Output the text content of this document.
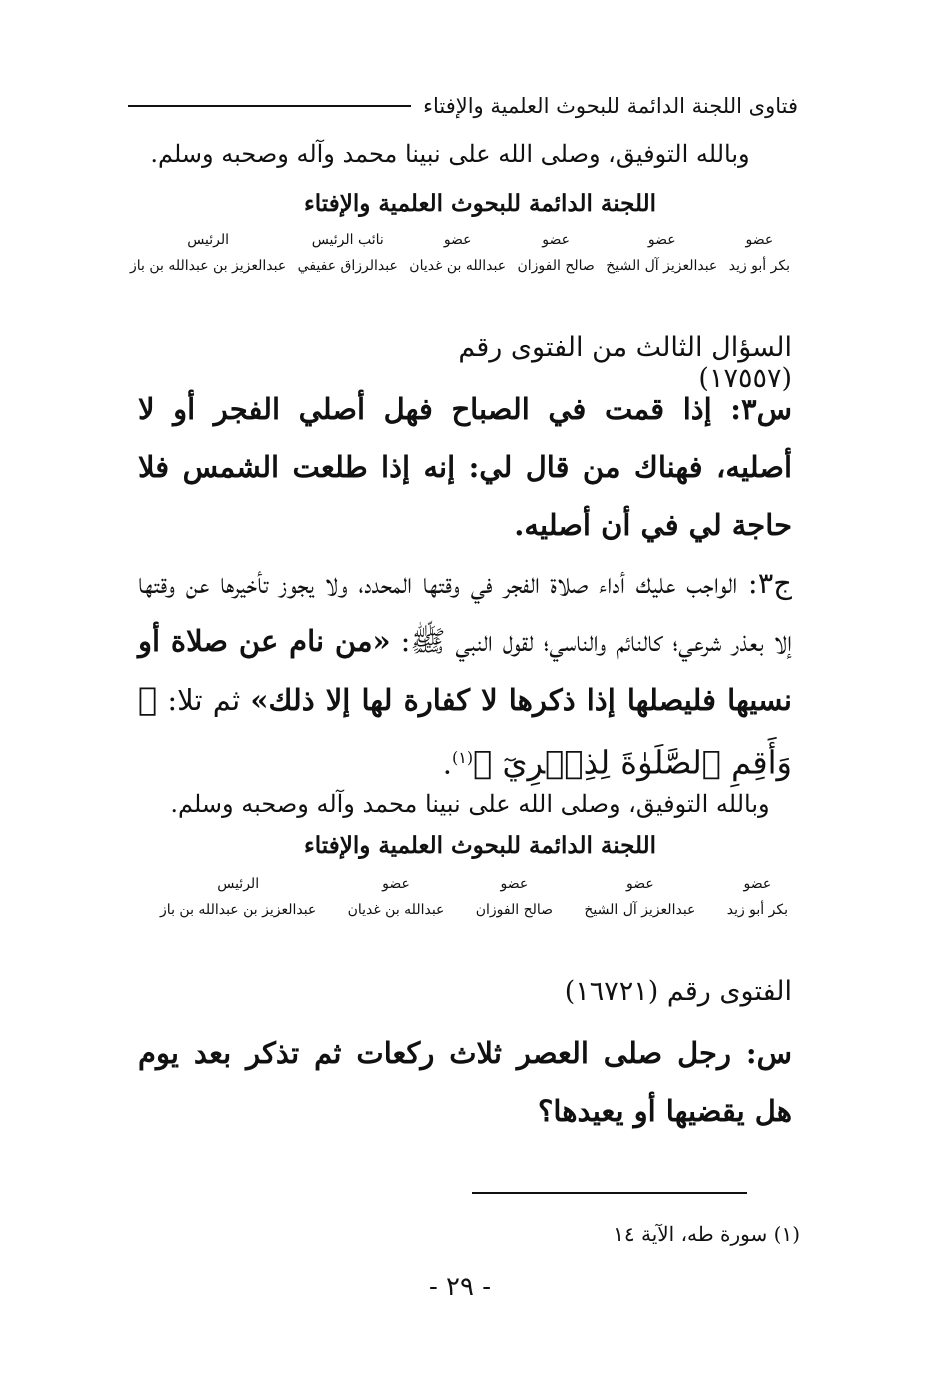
فتاوى اللجنة الدائمة للبحوث العلمية والإفتاء
وبالله التوفيق، وصلى الله على نبينا محمد وآله وصحبه وسلم.
اللجنة الدائمة للبحوث العلمية والإفتاء
عضو
بكر أبو زيد
عضو
عبدالعزيز آل الشيخ
عضو
صالح الفوزان
عضو
عبدالله بن غديان
نائب الرئيس
عبدالرزاق عفيفي
الرئيس
عبدالعزيز بن عبدالله بن باز
السؤال الثالث من الفتوى رقم (١٧٥٥٧)
س٣: إذا قمت في الصباح فهل أصلي الفجر أو لا أصليه، فهناك من قال لي: إنه إذا طلعت الشمس فلا حاجة لي في أن أصليه.
ج٣: الواجب عليك أداء صلاة الفجر في وقتها المحدد، ولا يجوز تأخيرها عن وقتها إلا بعذر شرعي؛ كالنائم والناسي؛ لقول النبي ﷺ: «من نام عن صلاة أو نسيها فليصلها إذا ذكرها لا كفارة لها إلا ذلك» ثم تلا: ﴿ وَأَقِمِ ٱلصَّلَوٰةَ لِذِكۡرِيٓ ﴾$^{(١)}$.
وبالله التوفيق، وصلى الله على نبينا محمد وآله وصحبه وسلم.
اللجنة الدائمة للبحوث العلمية والإفتاء
عضو
بكر أبو زيد
عضو
عبدالعزيز آل الشيخ
عضو
صالح الفوزان
عضو
عبدالله بن غديان
الرئيس
عبدالعزيز بن عبدالله بن باز
الفتوى رقم (١٦٧٢١)
س: رجل صلى العصر ثلاث ركعات ثم تذكر بعد يوم هل يقضيها أو يعيدها؟
(١) سورة طه، الآية ١٤
- ٢٩ -
